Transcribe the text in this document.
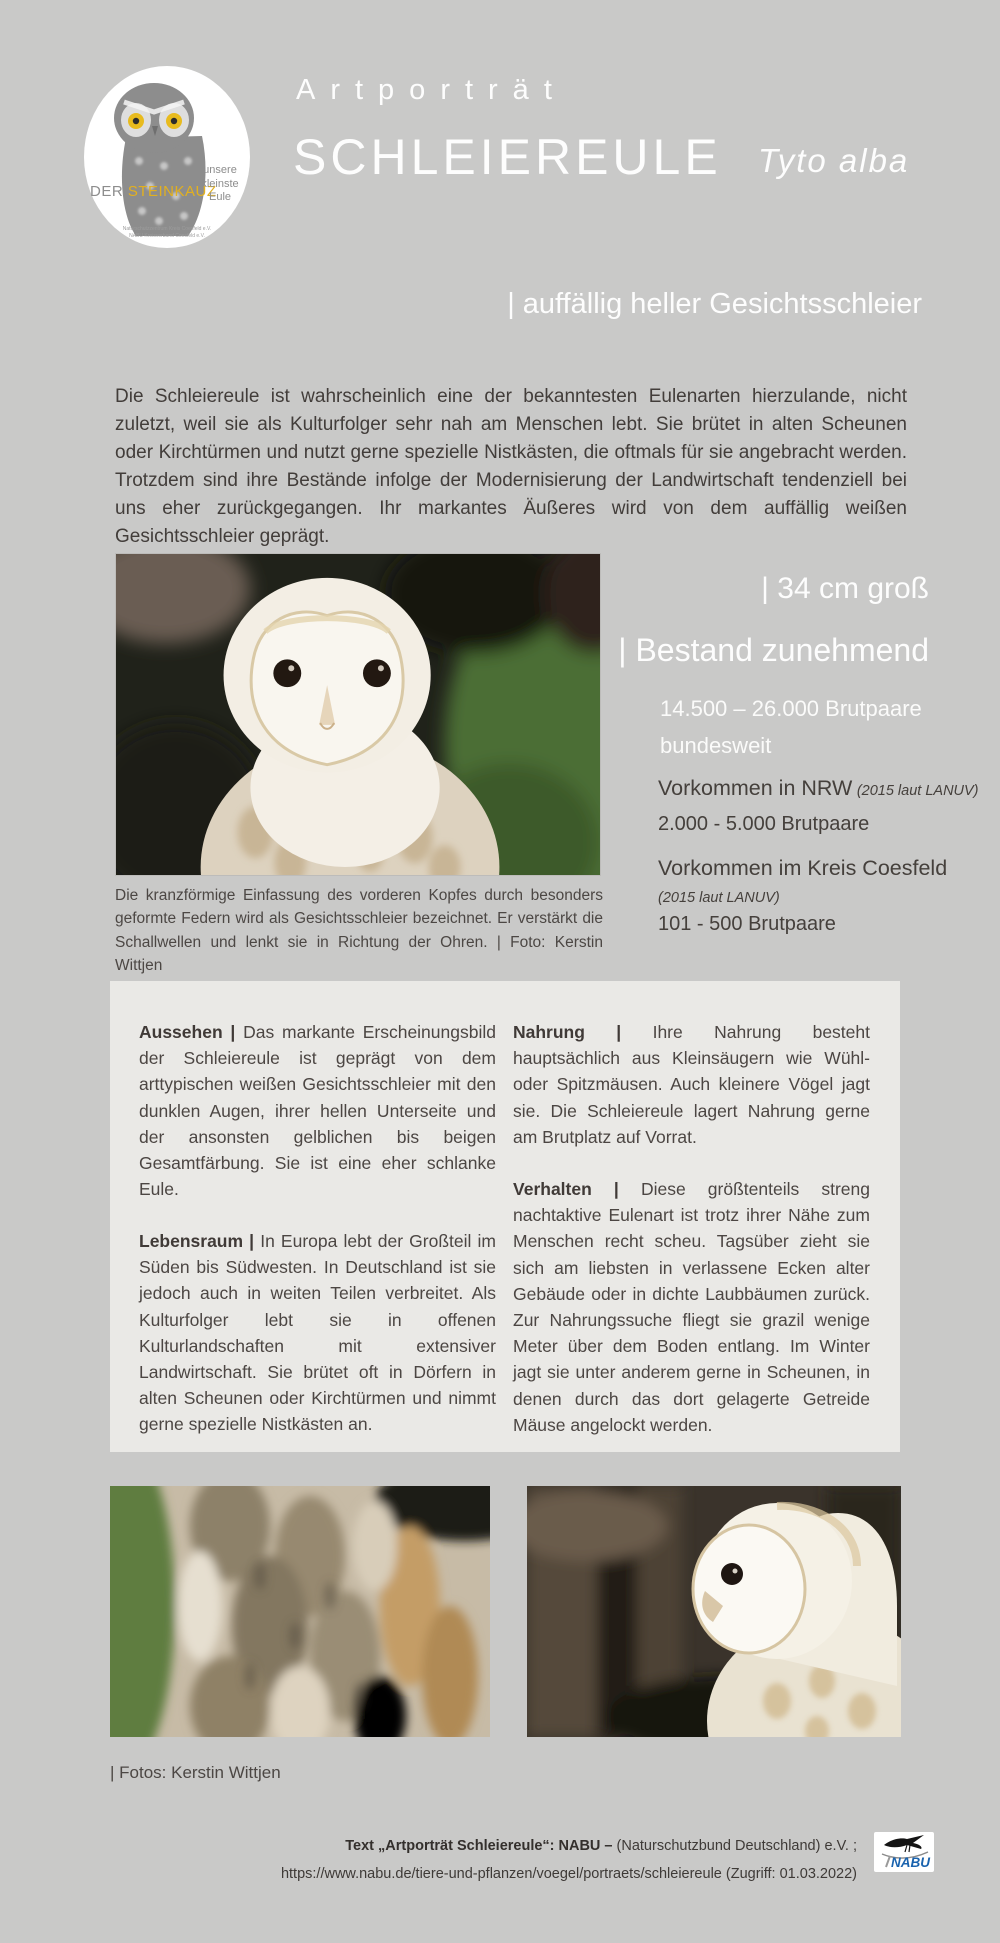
DER STEINKAUZ
unsere
kleinste
Eule
Naturschutzzentrum Kreis Coesfeld e.V.
NABU Kreisverband Coesfeld e.V.
Artporträt
SCHLEIEREULE Tyto alba
| auffällig heller Gesichtsschleier

Die Schleiereule ist wahrscheinlich eine der bekanntesten Eulenarten hierzulande, nicht zuletzt, weil sie als Kulturfolger sehr nah am Menschen lebt. Sie brütet in alten Scheunen oder Kirchtürmen und nutzt gerne spezielle Nistkästen, die oftmals für sie angebracht werden. Trotzdem sind ihre Bestände infolge der Modernisierung der Landwirtschaft tendenziell bei uns eher zurückgegangen. Ihr markantes Äußeres wird von dem auffällig weißen Gesichtsschleier geprägt.

Die kranzförmige Einfassung des vorderen Kopfes durch besonders geformte Federn wird als Gesichtsschleier bezeichnet. Er verstärkt die Schallwellen und lenkt sie in Richtung der Ohren. | Foto: Kerstin Wittjen

| 34 cm groß
| Bestand zunehmend
14.500 – 26.000 Brutpaare
bundesweit
Vorkommen in NRW (2015 laut LANUV)
2.000 - 5.000 Brutpaare
Vorkommen im Kreis Coesfeld
(2015 laut LANUV)
101 - 500 Brutpaare

Aussehen | Das markante Erscheinungsbild der Schleiereule ist geprägt von dem arttypischen weißen Gesichtsschleier mit den dunklen Augen, ihrer hellen Unterseite und der ansonsten gelblichen bis beigen Gesamtfärbung. Sie ist eine eher schlanke Eule.

Lebensraum | In Europa lebt der Großteil im Süden bis Südwesten. In Deutschland ist sie jedoch auch in weiten Teilen verbreitet. Als Kulturfolger lebt sie in offenen Kulturlandschaften mit extensiver Landwirtschaft. Sie brütet oft in Dörfern in alten Scheunen oder Kirchtürmen und nimmt gerne spezielle Nistkästen an.

Nahrung | Ihre Nahrung besteht hauptsächlich aus Kleinsäugern wie Wühl- oder Spitzmäusen. Auch kleinere Vögel jagt sie. Die Schleiereule lagert Nahrung gerne am Brutplatz auf Vorrat.

Verhalten | Diese größtenteils streng nachtaktive Eulenart ist trotz ihrer Nähe zum Menschen recht scheu. Tagsüber zieht sie sich am liebsten in verlassene Ecken alter Gebäude oder in dichte Laubbäumen zurück. Zur Nahrungssuche fliegt sie grazil wenige Meter über dem Boden entlang. Im Winter jagt sie unter anderem gerne in Scheunen, in denen durch das dort gelagerte Getreide Mäuse angelockt werden.

| Fotos: Kerstin Wittjen
Text „Artporträt Schleiereule“: NABU – (Naturschutzbund Deutschland) e.V. ;
https://www.nabu.de/tiere-und-pflanzen/voegel/portraets/schleiereule (Zugriff: 01.03.2022)
NABU
